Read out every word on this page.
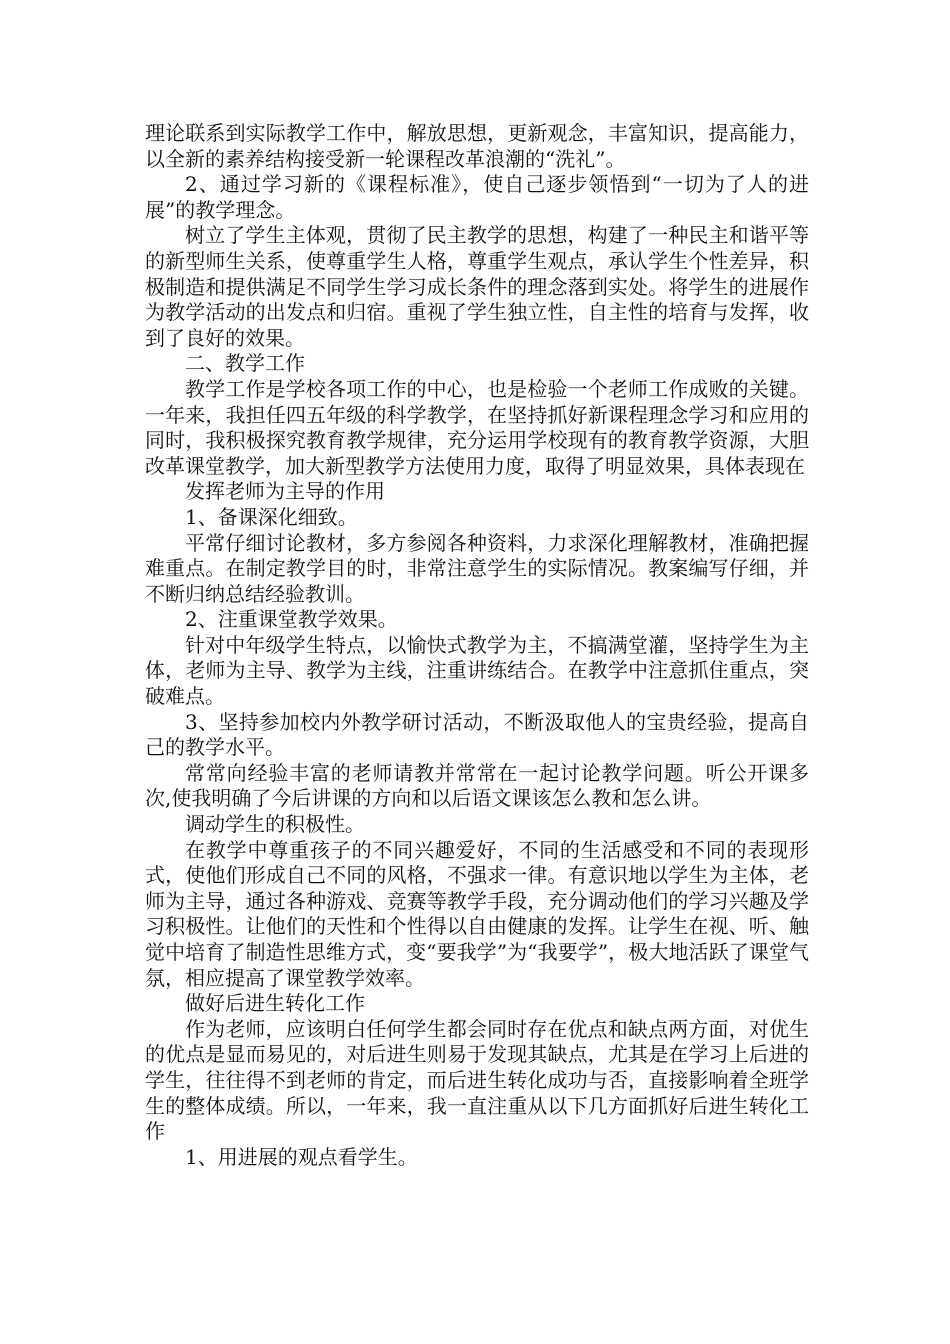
理论联系到实际教学工作中，解放思想，更新观念，丰富知识，提高能力，以全新的素养结构接受新一轮课程改革浪潮的“洗礼”。

2、通过学习新的《课程标准》，使自己逐步领悟到“一切为了人的进展”的教学理念。

树立了学生主体观，贯彻了民主教学的思想，构建了一种民主和谐平等的新型师生关系，使尊重学生人格，尊重学生观点，承认学生个性差异，积极制造和提供满足不同学生学习成长条件的理念落到实处。将学生的进展作为教学活动的出发点和归宿。重视了学生独立性，自主性的培育与发挥，收到了良好的效果。

二、教学工作

教学工作是学校各项工作的中心，也是检验一个老师工作成败的关键。一年来，我担任四五年级的科学教学，在坚持抓好新课程理念学习和应用的同时，我积极探究教育教学规律，充分运用学校现有的教育教学资源，大胆改革课堂教学，加大新型教学方法使用力度，取得了明显效果，具体表现在

发挥老师为主导的作用

1、备课深化细致。

平常仔细讨论教材，多方参阅各种资料，力求深化理解教材，准确把握难重点。在制定教学目的时，非常注意学生的实际情况。教案编写仔细，并不断归纳总结经验教训。

2、注重课堂教学效果。

针对中年级学生特点，以愉快式教学为主，不搞满堂灌，坚持学生为主体，老师为主导、教学为主线，注重讲练结合。在教学中注意抓住重点，突破难点。

3、坚持参加校内外教学研讨活动，不断汲取他人的宝贵经验，提高自己的教学水平。

常常向经验丰富的老师请教并常常在一起讨论教学问题。听公开课多次,使我明确了今后讲课的方向和以后语文课该怎么教和怎么讲。

调动学生的积极性。

在教学中尊重孩子的不同兴趣爱好，不同的生活感受和不同的表现形式，使他们形成自己不同的风格，不强求一律。有意识地以学生为主体，老师为主导，通过各种游戏、竞赛等教学手段，充分调动他们的学习兴趣及学习积极性。让他们的天性和个性得以自由健康的发挥。让学生在视、听、触觉中培育了制造性思维方式，变“要我学”为“我要学”，极大地活跃了课堂气氛，相应提高了课堂教学效率。

做好后进生转化工作

作为老师，应该明白任何学生都会同时存在优点和缺点两方面，对优生的优点是显而易见的，对后进生则易于发现其缺点，尤其是在学习上后进的学生，往往得不到老师的肯定，而后进生转化成功与否，直接影响着全班学生的整体成绩。所以，一年来，我一直注重从以下几方面抓好后进生转化工作

1、用进展的观点看学生。
